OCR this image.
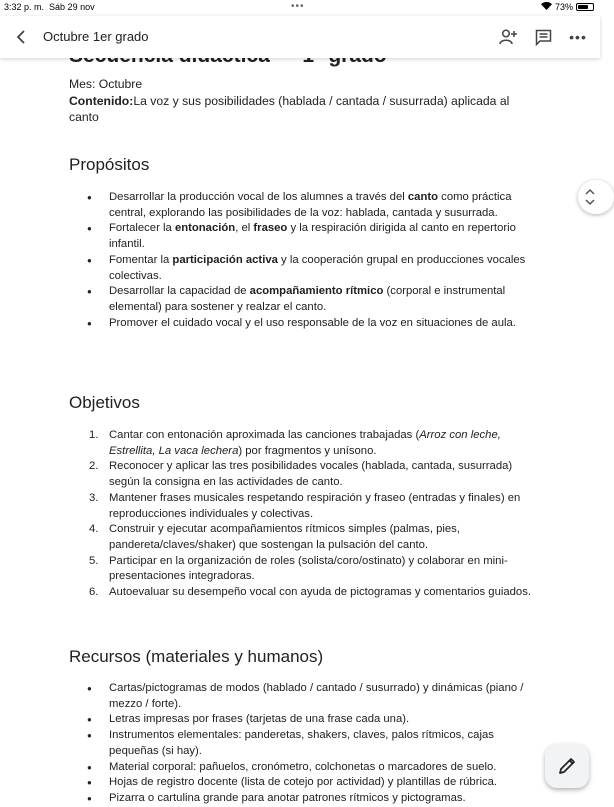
3:32 p. m. Sáb 29 nov	•••	73%
Octubre 1er grado	•••
Mes: Octubre
Contenido:La voz y sus posibilidades (hablada / cantada / susurrada) aplicada al canto
Propósitos
● Desarrollar la producción vocal de los alumnes a través del canto como práctica central, explorando las posibilidades de la voz: hablada, cantada y susurrada.
● Fortalecer la entonación, el fraseo y la respiración dirigida al canto en repertorio infantil.
● Fomentar la participación activa y la cooperación grupal en producciones vocales colectivas.
● Desarrollar la capacidad de acompañamiento rítmico (corporal e instrumental elemental) para sostener y realzar el canto.
● Promover el cuidado vocal y el uso responsable de la voz en situaciones de aula.
Objetivos
1. Cantar con entonación aproximada las canciones trabajadas (Arroz con leche, Estrellita, La vaca lechera) por fragmentos y unísono.
2. Reconocer y aplicar las tres posibilidades vocales (hablada, cantada, susurrada) según la consigna en las actividades de canto.
3. Mantener frases musicales respetando respiración y fraseo (entradas y finales) en reproducciones individuales y colectivas.
4. Construir y ejecutar acompañamientos rítmicos simples (palmas, pies, pandereta/claves/shaker) que sostengan la pulsación del canto.
5. Participar en la organización de roles (solista/coro/ostinato) y colaborar en mini-presentaciones integradoras.
6. Autoevaluar su desempeño vocal con ayuda de pictogramas y comentarios guiados.
Recursos (materiales y humanos)
● Cartas/pictogramas de modos (hablado / cantado / susurrado) y dinámicas (piano / mezzo / forte).
● Letras impresas por frases (tarjetas de una frase cada una).
● Instrumentos elementales: panderetas, shakers, claves, palos rítmicos, cajas pequeñas (si hay).
● Material corporal: pañuelos, cronómetro, colchonetas o marcadores de suelo.
● Hojas de registro docente (lista de cotejo por actividad) y plantillas de rúbrica.
● Pizarra o cartulina grande para anotar patrones rítmicos y pictogramas.
